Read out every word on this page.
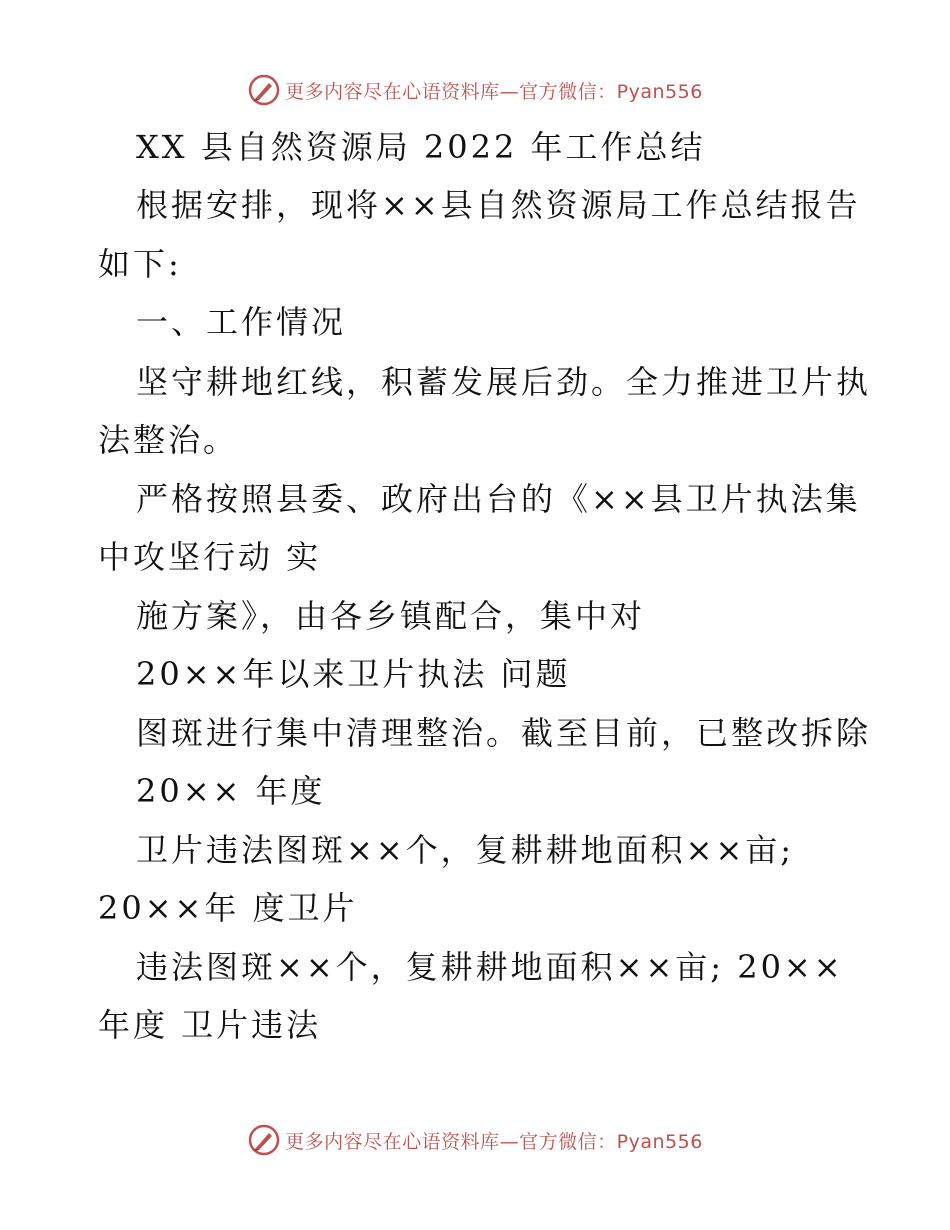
更多内容尽在心语资料库—官方微信：Pyan556
XX 县自然资源局 2022 年工作总结
根据安排，现将××县自然资源局工作总结报告
如下:
一、工作情况
坚守耕地红线，积蓄发展后劲。全力推进卫片执
法整治。
严格按照县委、政府出台的《××县卫片执法集
中攻坚行动 实
施方案》，由各乡镇配合，集中对
20××年以来卫片执法 问题
图斑进行集中清理整治。截至目前，已整改拆除
20×× 年度
卫片违法图斑××个，复耕耕地面积××亩;
20××年 度卫片
违法图斑××个，复耕耕地面积××亩; 20××
年度 卫片违法
更多内容尽在心语资料库—官方微信：Pyan556
